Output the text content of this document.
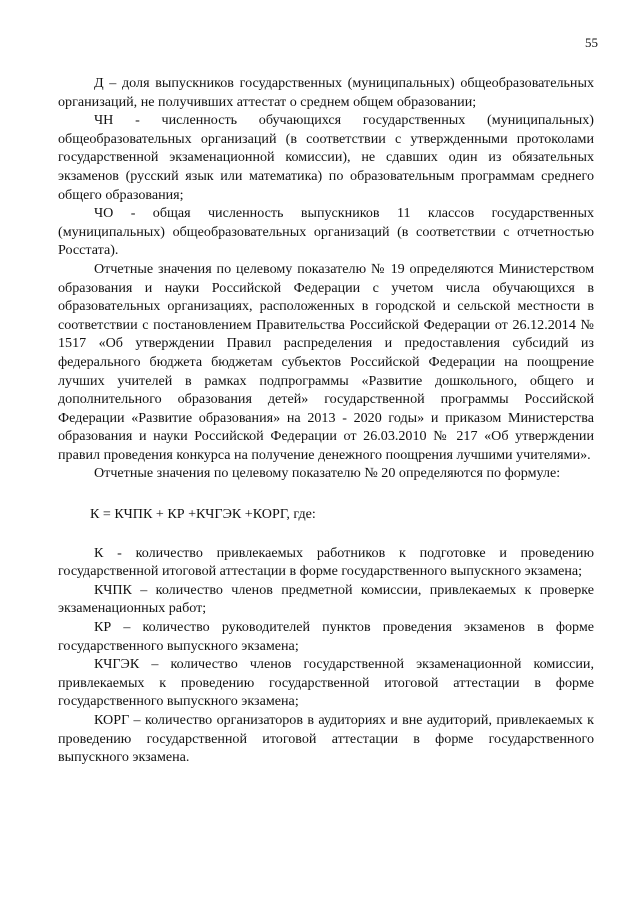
55

Д – доля выпускников государственных (муниципальных) общеобразовательных организаций, не получивших аттестат о среднем общем образовании;

ЧН - численность обучающихся государственных (муниципальных) общеобразовательных организаций (в соответствии с утвержденными протоколами государственной экзаменационной комиссии), не сдавших один из обязательных экзаменов (русский язык или математика) по образовательным программам среднего общего образования;

ЧО - общая численность выпускников 11 классов государственных (муниципальных) общеобразовательных организаций (в соответствии с отчетностью Росстата).

Отчетные значения по целевому показателю № 19 определяются Министерством образования и науки Российской Федерации с учетом числа обучающихся в образовательных организациях, расположенных в городской и сельской местности в соответствии с постановлением Правительства Российской Федерации от 26.12.2014 № 1517 «Об утверждении Правил распределения и предоставления субсидий из федерального бюджета бюджетам субъектов Российской Федерации на поощрение лучших учителей в рамках подпрограммы «Развитие дошкольного, общего и дополнительного образования детей» государственной программы Российской Федерации «Развитие образования» на 2013 - 2020 годы» и приказом Министерства образования и науки Российской Федерации от 26.03.2010 № 217 «Об утверждении правил проведения конкурса на получение денежного поощрения лучшими учителями».

Отчетные значения по целевому показателю № 20 определяются по формуле:

К = КЧПК + КР +КЧГЭК +КОРГ, где:

К - количество привлекаемых работников к подготовке и проведению государственной итоговой аттестации в форме государственного выпускного экзамена;

КЧПК – количество членов предметной комиссии, привлекаемых к проверке экзаменационных работ;

КР – количество руководителей пунктов проведения экзаменов в форме государственного выпускного экзамена;

КЧГЭК – количество членов государственной экзаменационной комиссии, привлекаемых к проведению государственной итоговой аттестации в форме государственного выпускного экзамена;

КОРГ – количество организаторов в аудиториях и вне аудиторий, привлекаемых к проведению государственной итоговой аттестации в форме государственного выпускного экзамена.
